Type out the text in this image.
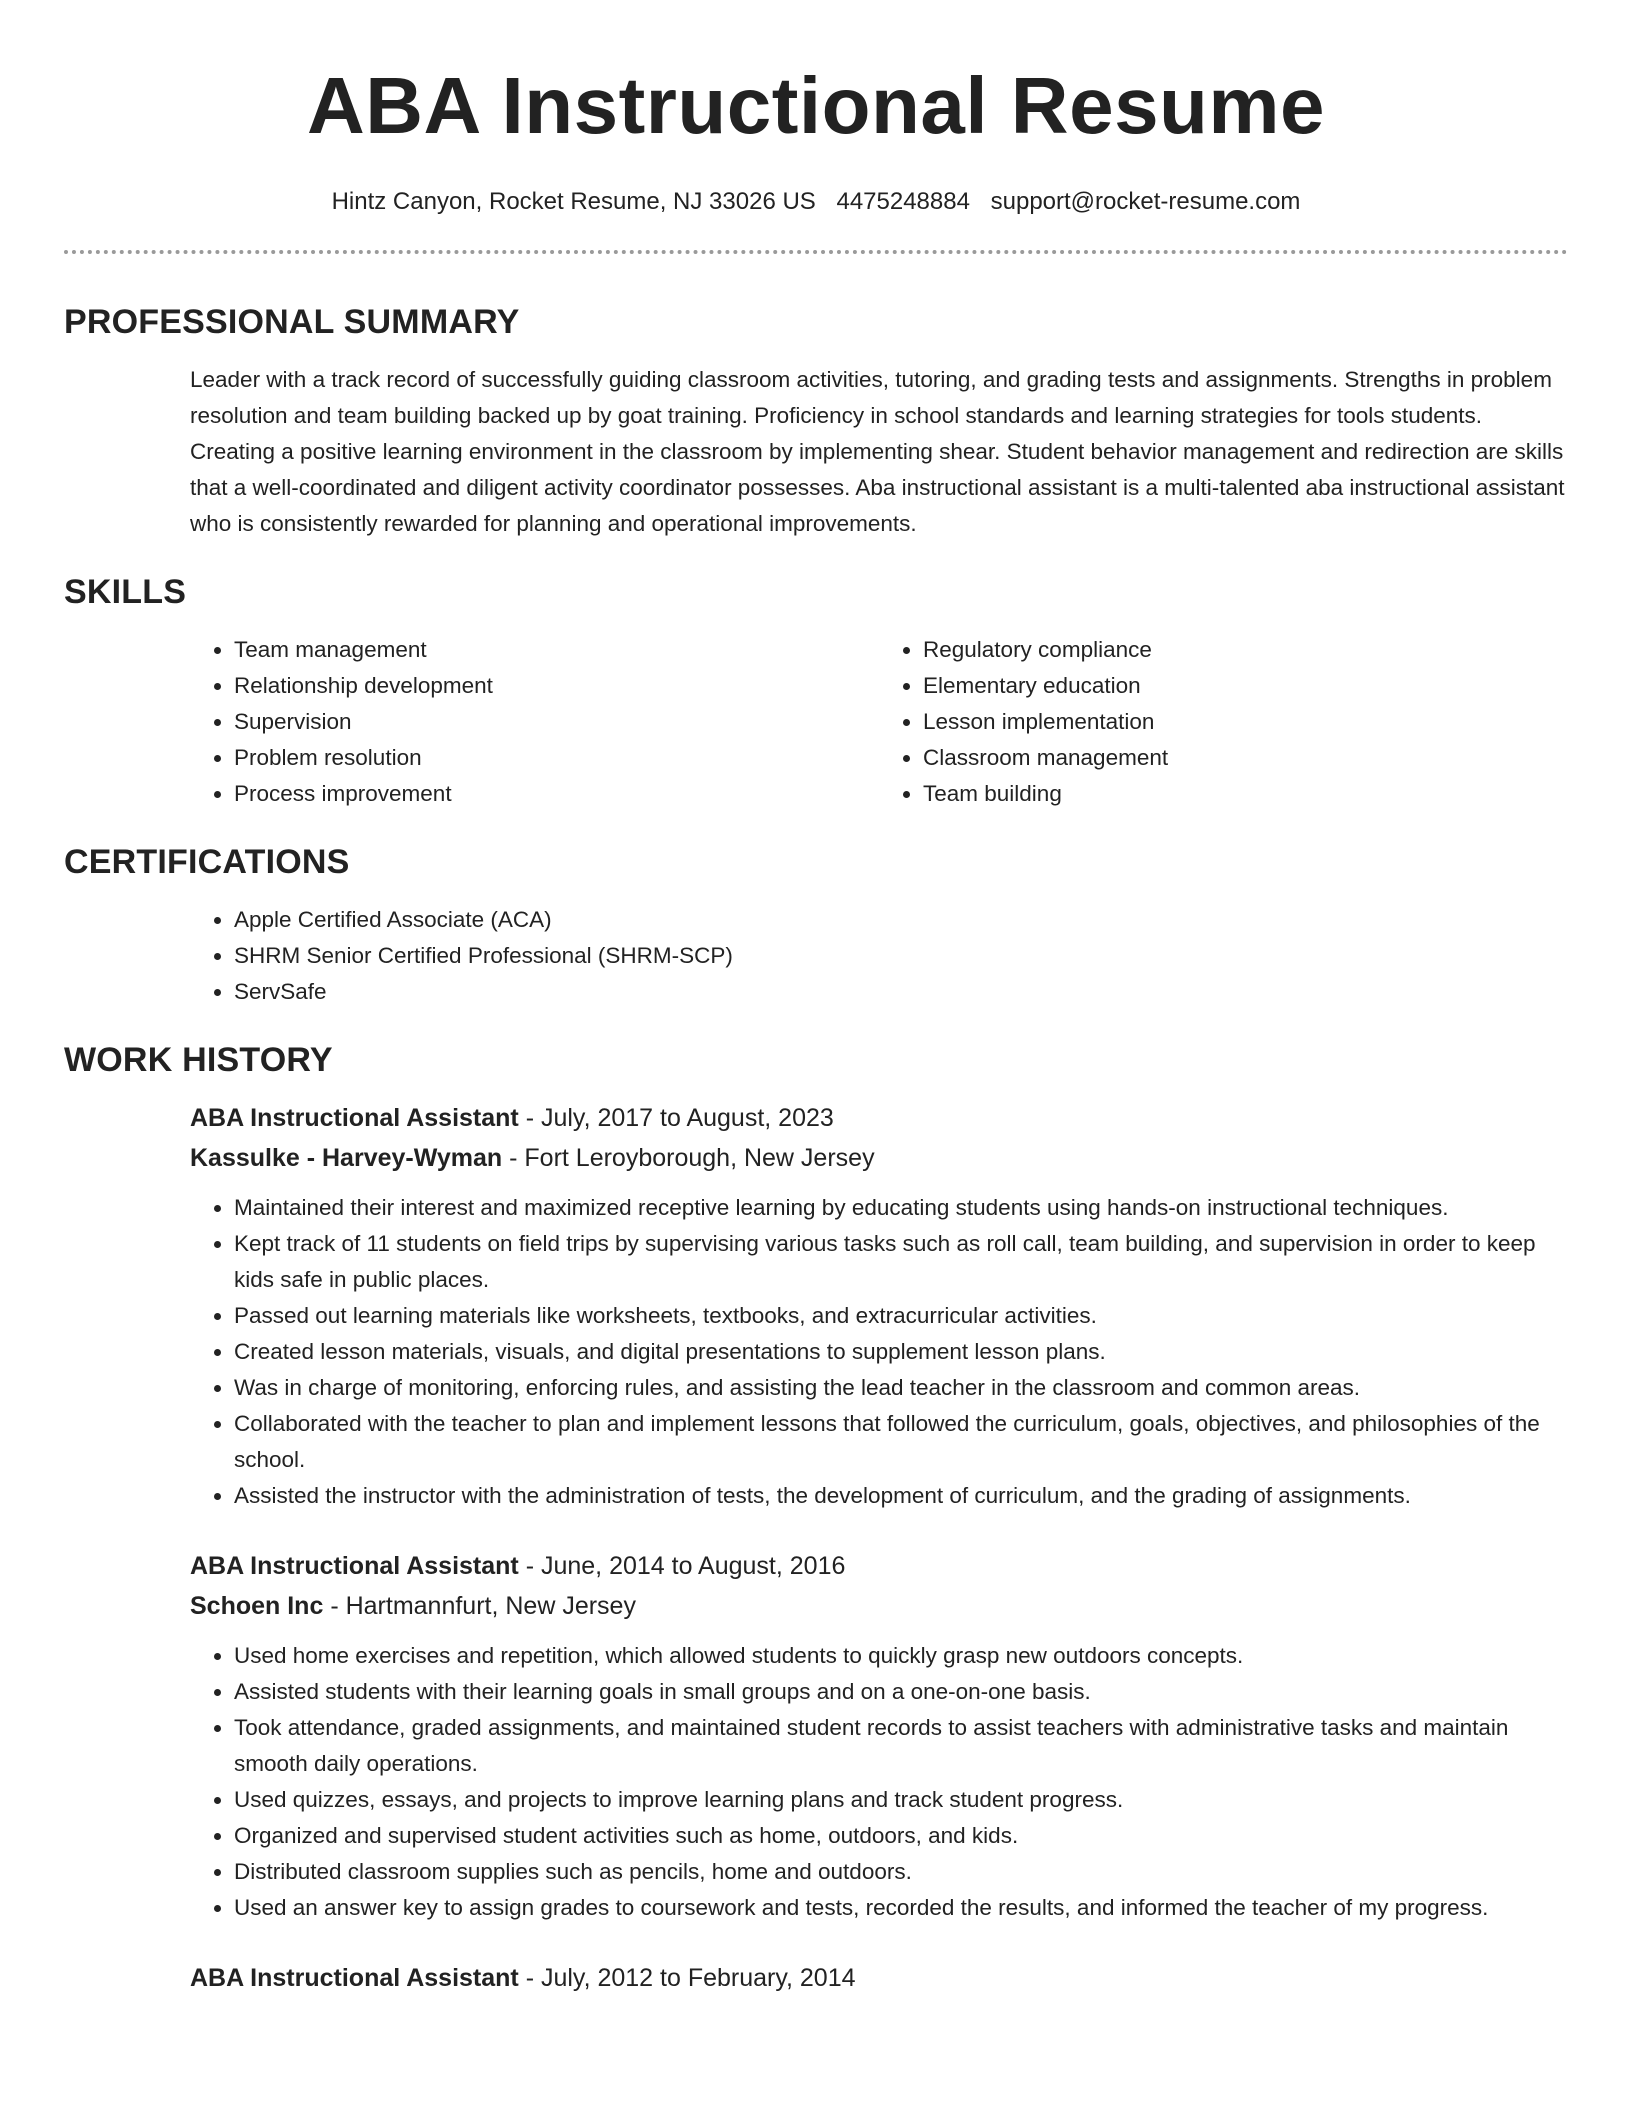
ABA Instructional Resume
Hintz Canyon, Rocket Resume, NJ 33026 US 4475248884 support@rocket-resume.com
PROFESSIONAL SUMMARY

Leader with a track record of successfully guiding classroom activities, tutoring, and grading tests and assignments. Strengths in problem resolution and team building backed up by goat training. Proficiency in school standards and learning strategies for tools students. Creating a positive learning environment in the classroom by implementing shear. Student behavior management and redirection are skills that a well-coordinated and diligent activity coordinator possesses. Aba instructional assistant is a multi-talented aba instructional assistant who is consistently rewarded for planning and operational improvements.

SKILLS
• Team management
• Relationship development
• Supervision
• Problem resolution
• Process improvement
• Regulatory compliance
• Elementary education
• Lesson implementation
• Classroom management
• Team building
CERTIFICATIONS
• Apple Certified Associate (ACA)
• SHRM Senior Certified Professional (SHRM-SCP)
• ServSafe
WORK HISTORY
ABA Instructional Assistant - July, 2017 to August, 2023
Kassulke - Harvey-Wyman - Fort Leroyborough, New Jersey
• Maintained their interest and maximized receptive learning by educating students using hands-on instructional techniques.
• Kept track of 11 students on field trips by supervising various tasks such as roll call, team building, and supervision in order to keep kids safe in public places.
• Passed out learning materials like worksheets, textbooks, and extracurricular activities.
• Created lesson materials, visuals, and digital presentations to supplement lesson plans.
• Was in charge of monitoring, enforcing rules, and assisting the lead teacher in the classroom and common areas.
• Collaborated with the teacher to plan and implement lessons that followed the curriculum, goals, objectives, and philosophies of the school.
• Assisted the instructor with the administration of tests, the development of curriculum, and the grading of assignments.
ABA Instructional Assistant - June, 2014 to August, 2016
Schoen Inc - Hartmannfurt, New Jersey
• Used home exercises and repetition, which allowed students to quickly grasp new outdoors concepts.
• Assisted students with their learning goals in small groups and on a one-on-one basis.
• Took attendance, graded assignments, and maintained student records to assist teachers with administrative tasks and maintain smooth daily operations.
• Used quizzes, essays, and projects to improve learning plans and track student progress.
• Organized and supervised student activities such as home, outdoors, and kids.
• Distributed classroom supplies such as pencils, home and outdoors.
• Used an answer key to assign grades to coursework and tests, recorded the results, and informed the teacher of my progress.
ABA Instructional Assistant - July, 2012 to February, 2014
